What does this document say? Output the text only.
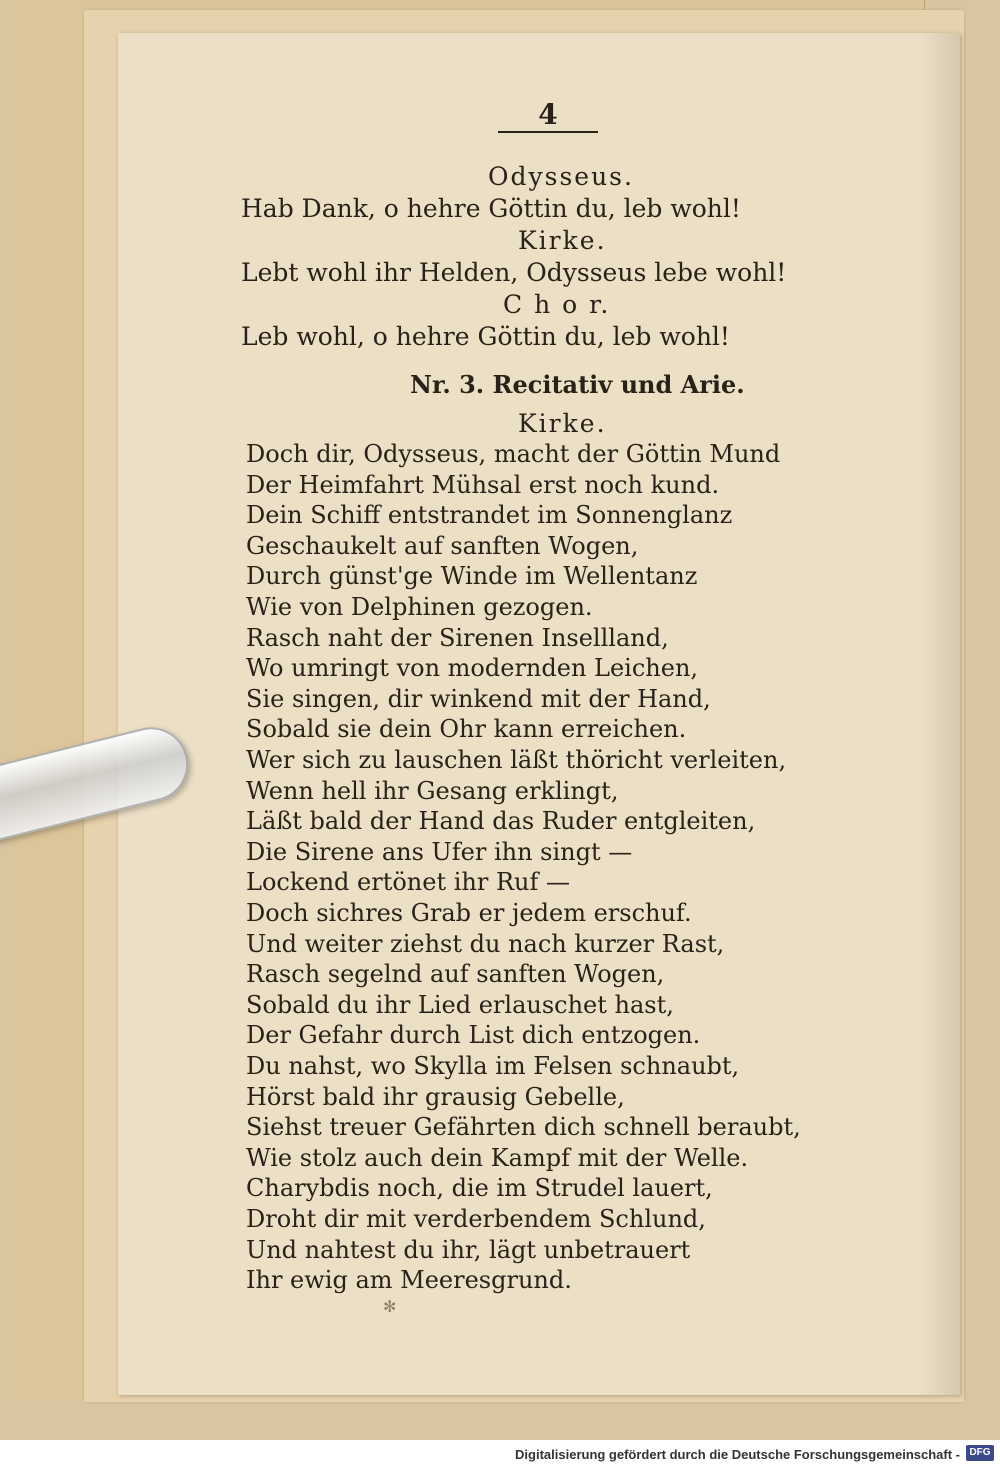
4
Odysseus.
Hab Dank, o hehre Göttin du, leb wohl!
Kirke.
Lebt wohl ihr Helden, Odysseus lebe wohl!
C h o r.
Leb wohl, o hehre Göttin du, leb wohl!
Nr. 3. Recitativ und Arie.
Kirke.
Doch dir, Odysseus, macht der Göttin Mund
Der Heimfahrt Mühsal erst noch kund.
Dein Schiff entstrandet im Sonnenglanz
Geschaukelt auf sanften Wogen,
Durch günst'ge Winde im Wellentanz
Wie von Delphinen gezogen.
Rasch naht der Sirenen Insellland,
Wo umringt von modernden Leichen,
Sie singen, dir winkend mit der Hand,
Sobald sie dein Ohr kann erreichen.
Wer sich zu lauschen läßt thöricht verleiten,
Wenn hell ihr Gesang erklingt,
Läßt bald der Hand das Ruder entgleiten,
Die Sirene ans Ufer ihn singt —
Lockend ertönet ihr Ruf —
Doch sichres Grab er jedem erschuf.
Und weiter ziehst du nach kurzer Rast,
Rasch segelnd auf sanften Wogen,
Sobald du ihr Lied erlauschet hast,
Der Gefahr durch List dich entzogen.
Du nahst, wo Skylla im Felsen schnaubt,
Hörst bald ihr grausig Gebelle,
Siehst treuer Gefährten dich schnell beraubt,
Wie stolz auch dein Kampf mit der Welle.
Charybdis noch, die im Strudel lauert,
Droht dir mit verderbendem Schlund,
Und nahtest du ihr, lägt unbetrauert
Ihr ewig am Meeresgrund.
✻
Digitalisierung gefördert durch die Deutsche Forschungsgemeinschaft - DFG
